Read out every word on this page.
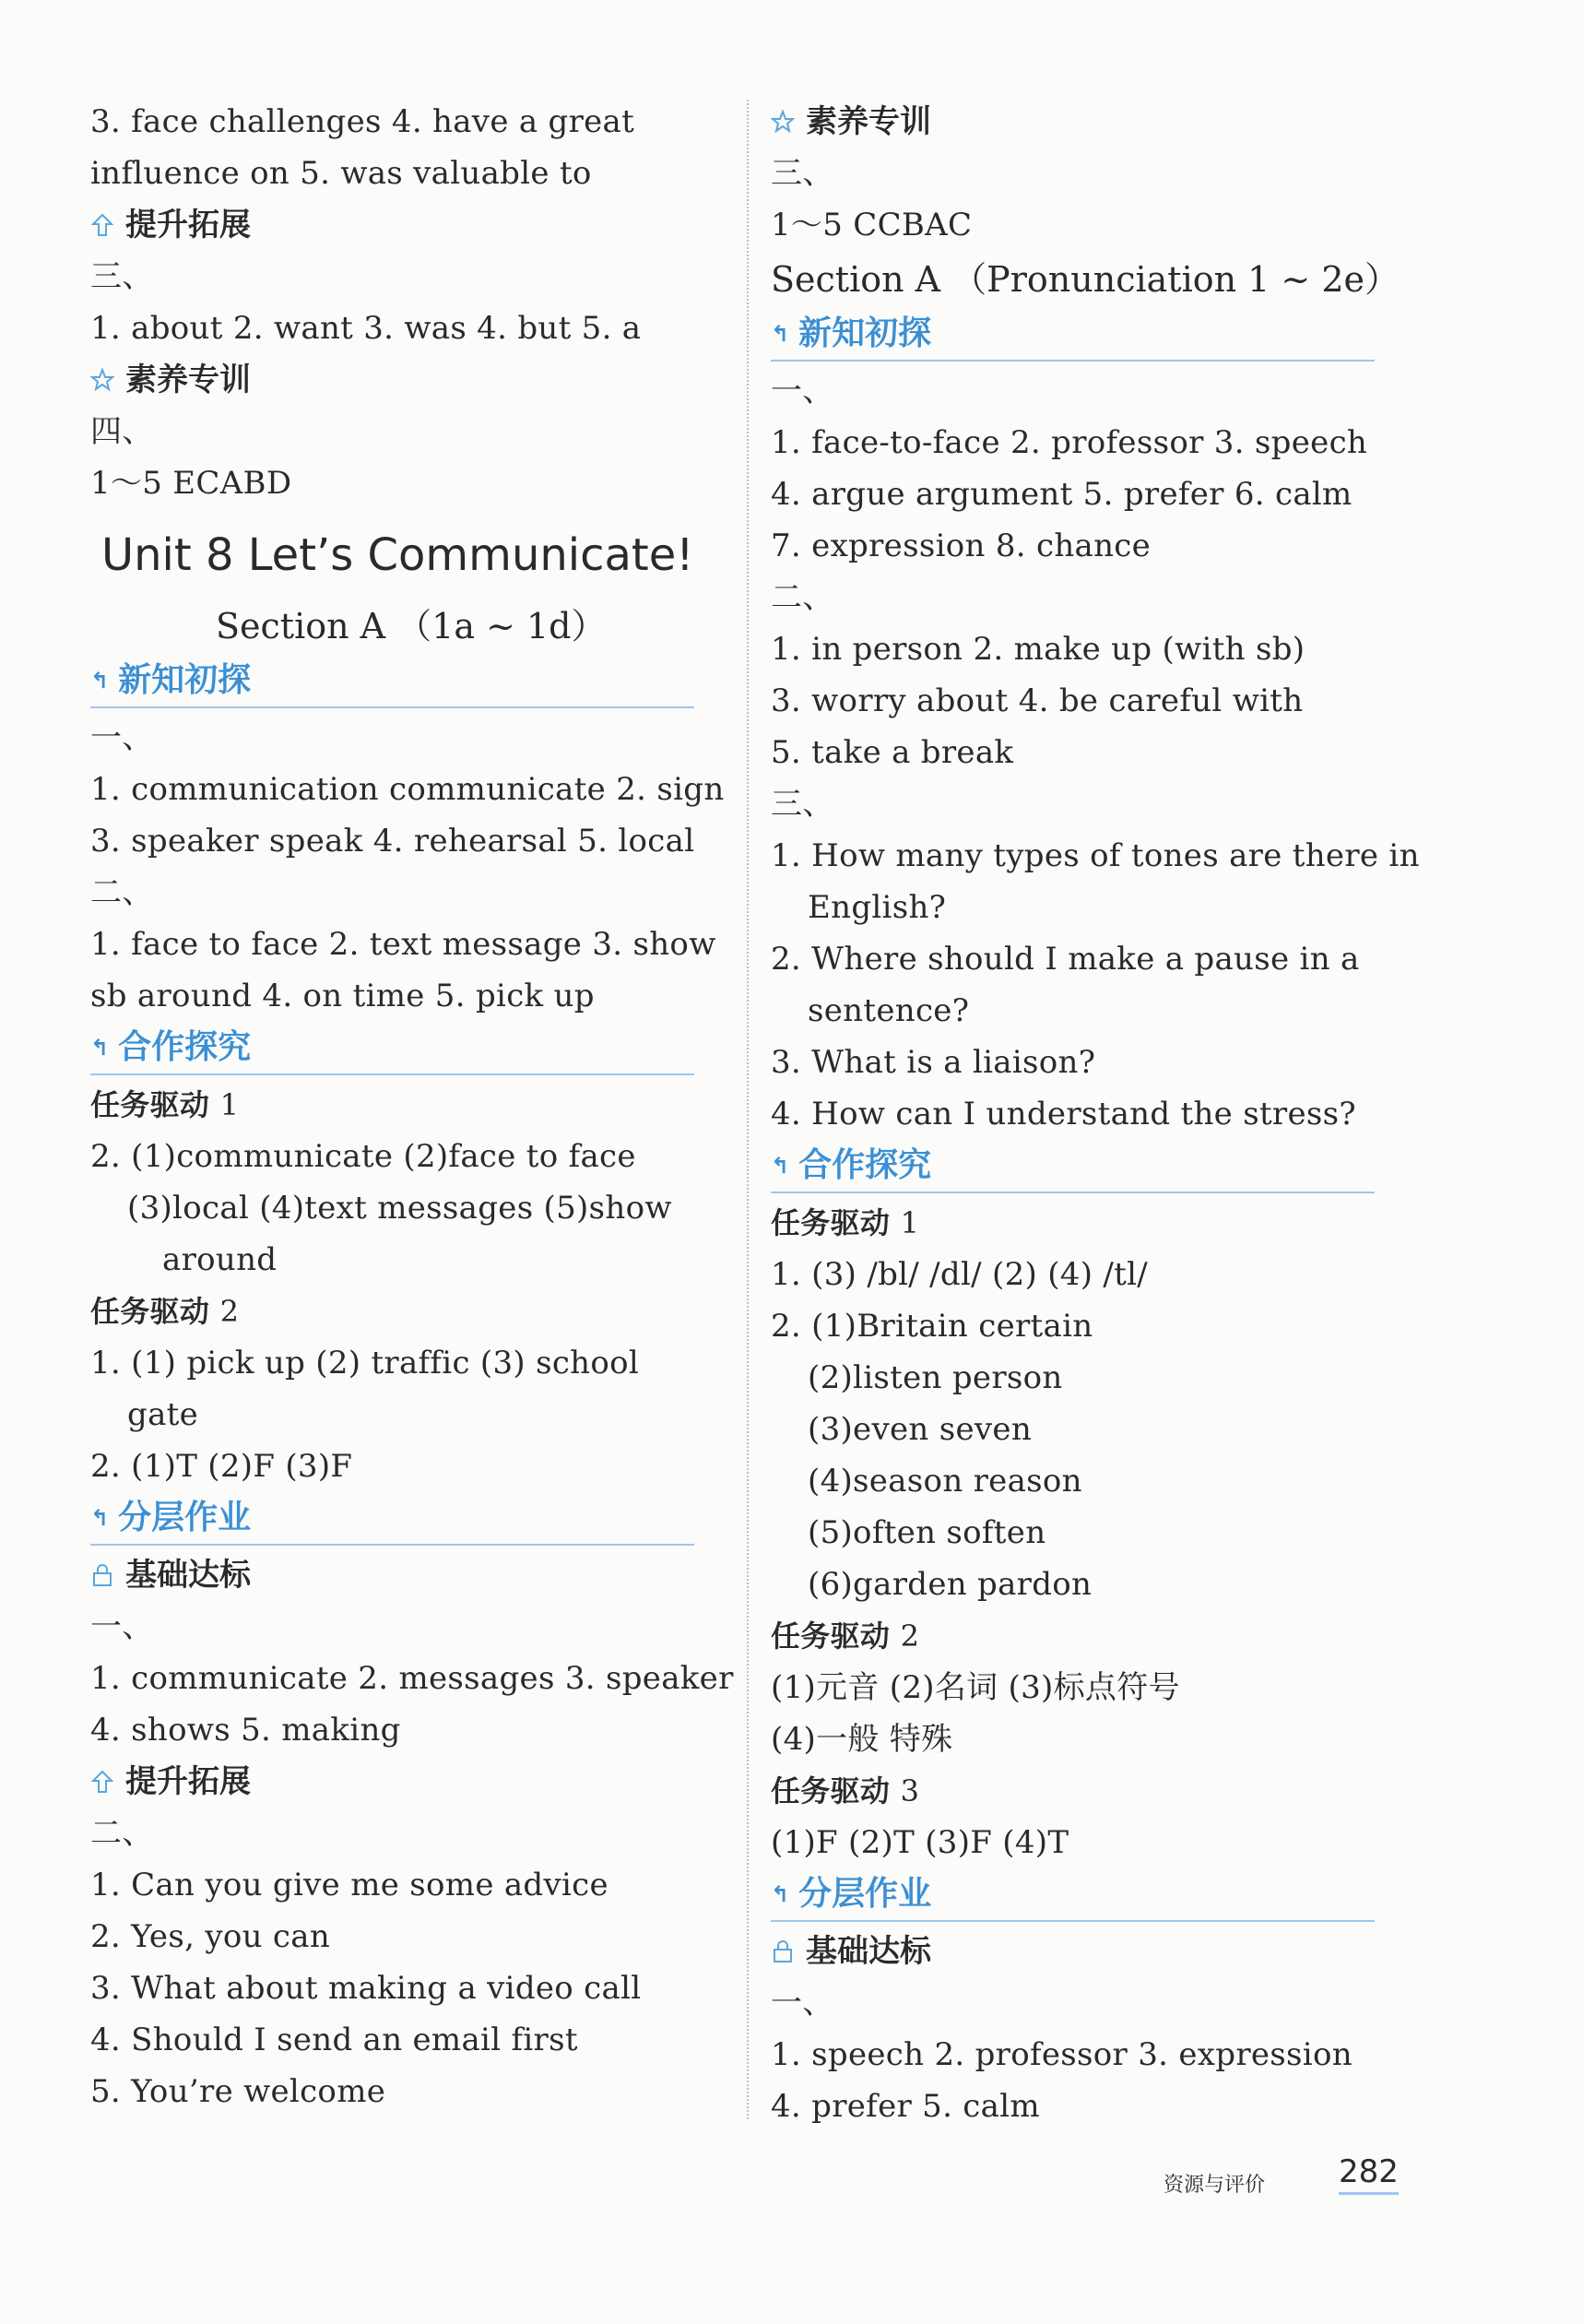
3. face challenges 4. have a great
influence on 5. was valuable to
提升拓展
三、
1. about 2. want 3. was 4. but 5. a
素养专训
四、
1～5 ECABD
Unit 8 Let’s Communicate!
Section A （1a ~ 1d）
↰ 新知初探
一、
1. communication communicate 2. sign
3. speaker speak 4. rehearsal 5. local
二、
1. face to face 2. text message 3. show
sb around 4. on time 5. pick up
↰ 合作探究
任务驱动 1
2. (1)communicate (2)face to face
(3)local (4)text messages (5)show
around
任务驱动 2
1. (1) pick up (2) traffic (3) school
gate
2. (1)T (2)F (3)F
↰ 分层作业
基础达标
一、
1. communicate 2. messages 3. speaker
4. shows 5. making
提升拓展
二、
1. Can you give me some advice
2. Yes, you can
3. What about making a video call
4. Should I send an email first
5. You’re welcome
素养专训
三、
1～5 CCBAC
Section A （Pronunciation 1 ~ 2e）
↰ 新知初探
一、
1. face-to-face 2. professor 3. speech
4. argue argument 5. prefer 6. calm
7. expression 8. chance
二、
1. in person 2. make up (with sb)
3. worry about 4. be careful with
5. take a break
三、
1. How many types of tones are there in
English?
2. Where should I make a pause in a
sentence?
3. What is a liaison?
4. How can I understand the stress?
↰ 合作探究
任务驱动 1
1. (3) /bl/ /dl/ (2) (4) /tl/
2. (1)Britain certain
(2)listen person
(3)even seven
(4)season reason
(5)often soften
(6)garden pardon
任务驱动 2
(1)元音 (2)名词 (3)标点符号
(4)一般 特殊
任务驱动 3
(1)F (2)T (3)F (4)T
↰ 分层作业
基础达标
一、
1. speech 2. professor 3. expression
4. prefer 5. calm
资源与评价 282
